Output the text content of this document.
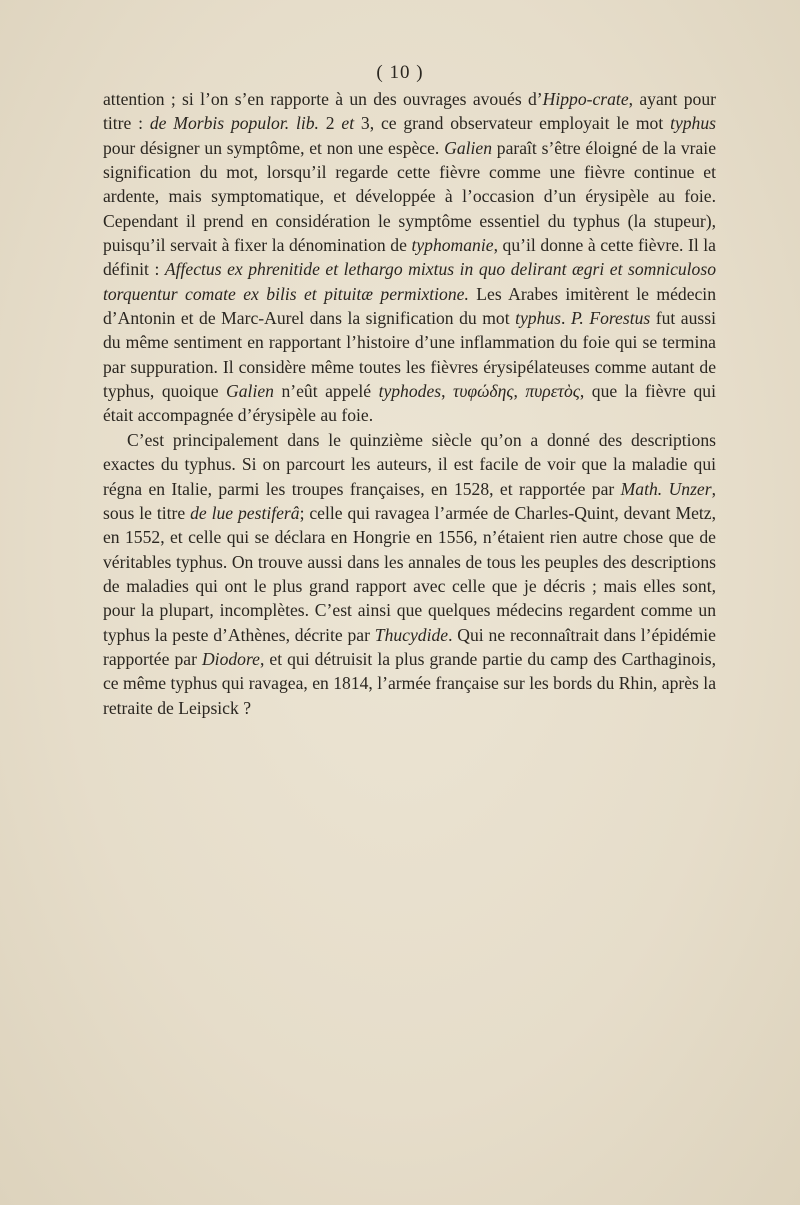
( 10 )

attention ; si l’on s’en rapporte à un des ouvrages avoués d’Hippo-crate, ayant pour titre : de Morbis populor. lib. 2 et 3, ce grand observateur employait le mot typhus pour désigner un symptôme, et non une espèce. Galien paraît s’être éloigné de la vraie signification du mot, lorsqu’il regarde cette fièvre comme une fièvre continue et ardente, mais symptomatique, et développée à l’occasion d’un érysipèle au foie. Cependant il prend en considération le symptôme essentiel du typhus (la stupeur), puisqu’il servait à fixer la dénomination de typhomanie, qu’il donne à cette fièvre. Il la définit : Affectus ex phrenitide et lethargo mixtus in quo delirant ægri et somniculoso torquentur comate ex bilis et pituitæ permixtione. Les Arabes imitèrent le médecin d’Antonin et de Marc-Aurel dans la signification du mot typhus. P. Forestus fut aussi du même sentiment en rapportant l’histoire d’une inflammation du foie qui se termina par suppuration. Il considère même toutes les fièvres érysipélateuses comme autant de typhus, quoique Galien n’eût appelé typhodes, τυφώδης, πυρετὸς, que la fièvre qui était accompagnée d’érysipèle au foie.

C’est principalement dans le quinzième siècle qu’on a donné des descriptions exactes du typhus. Si on parcourt les auteurs, il est facile de voir que la maladie qui régna en Italie, parmi les troupes françaises, en 1528, et rapportée par Math. Unzer, sous le titre de lue pestiferâ; celle qui ravagea l’armée de Charles-Quint, devant Metz, en 1552, et celle qui se déclara en Hongrie en 1556, n’étaient rien autre chose que de véritables typhus. On trouve aussi dans les annales de tous les peuples des descriptions de maladies qui ont le plus grand rapport avec celle que je décris ; mais elles sont, pour la plupart, incomplètes. C’est ainsi que quelques médecins regardent comme un typhus la peste d’Athènes, décrite par Thucydide. Qui ne reconnaîtrait dans l’épidémie rapportée par Diodore, et qui détruisit la plus grande partie du camp des Carthaginois, ce même typhus qui ravagea, en 1814, l’armée française sur les bords du Rhin, après la retraite de Leipsick ?
